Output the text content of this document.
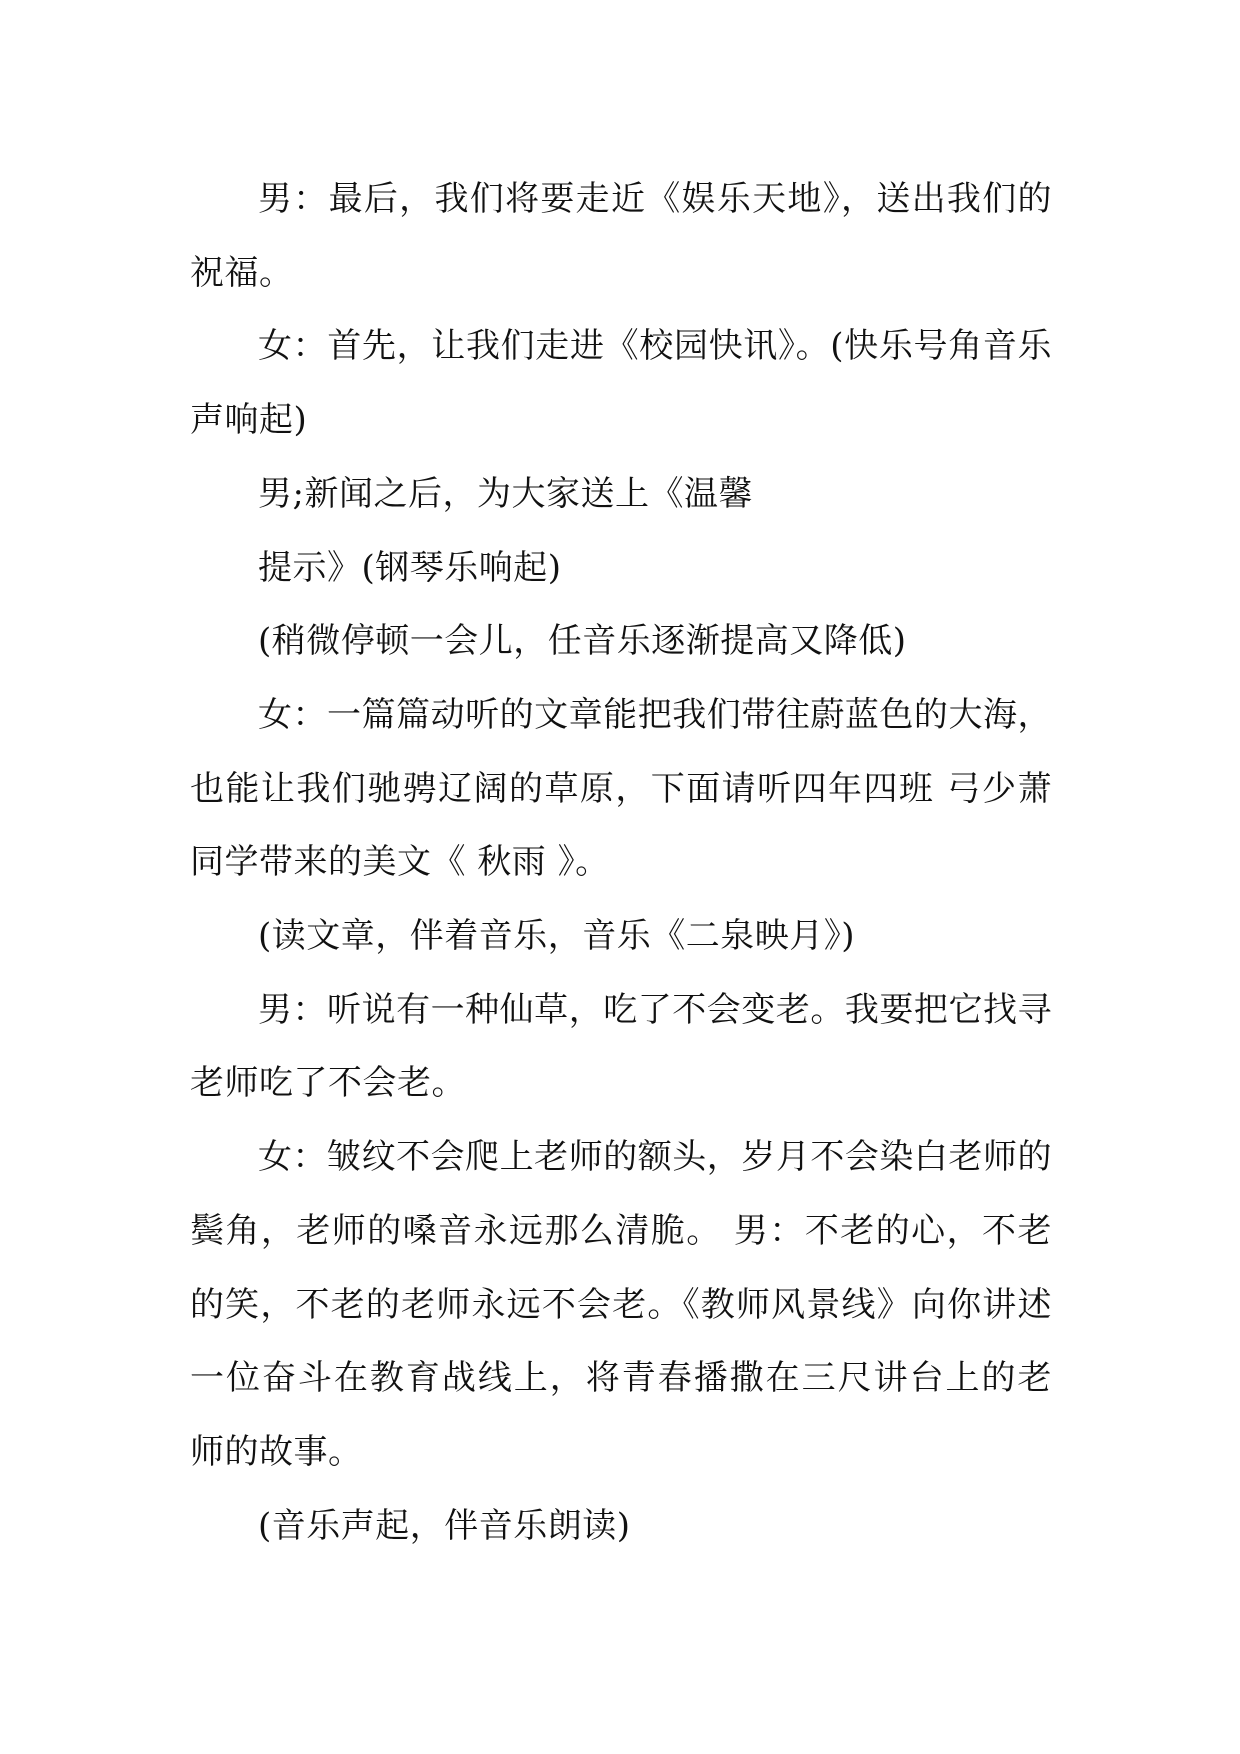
男：最后，我们将要走近《娱乐天地》，送出我们的祝福。

女：首先，让我们走进《校园快讯》。(快乐号角音乐声响起)

男;新闻之后，为大家送上《温馨

提示》(钢琴乐响起)

(稍微停顿一会儿，任音乐逐渐提高又降低)

女：一篇篇动听的文章能把我们带往蔚蓝色的大海，也能让我们驰骋辽阔的草原，下面请听四年四班 弓少萧同学带来的美文《 秋雨 》。

(读文章，伴着音乐，音乐《二泉映月》)

男：听说有一种仙草，吃了不会变老。我要把它找寻老师吃了不会老。

女：皱纹不会爬上老师的额头，岁月不会染白老师的鬓角，老师的嗓音永远那么清脆。 男：不老的心，不老的笑，不老的老师永远不会老。《教师风景线》向你讲述一位奋斗在教育战线上，将青春播撒在三尺讲台上的老师的故事。

(音乐声起，伴音乐朗读)
